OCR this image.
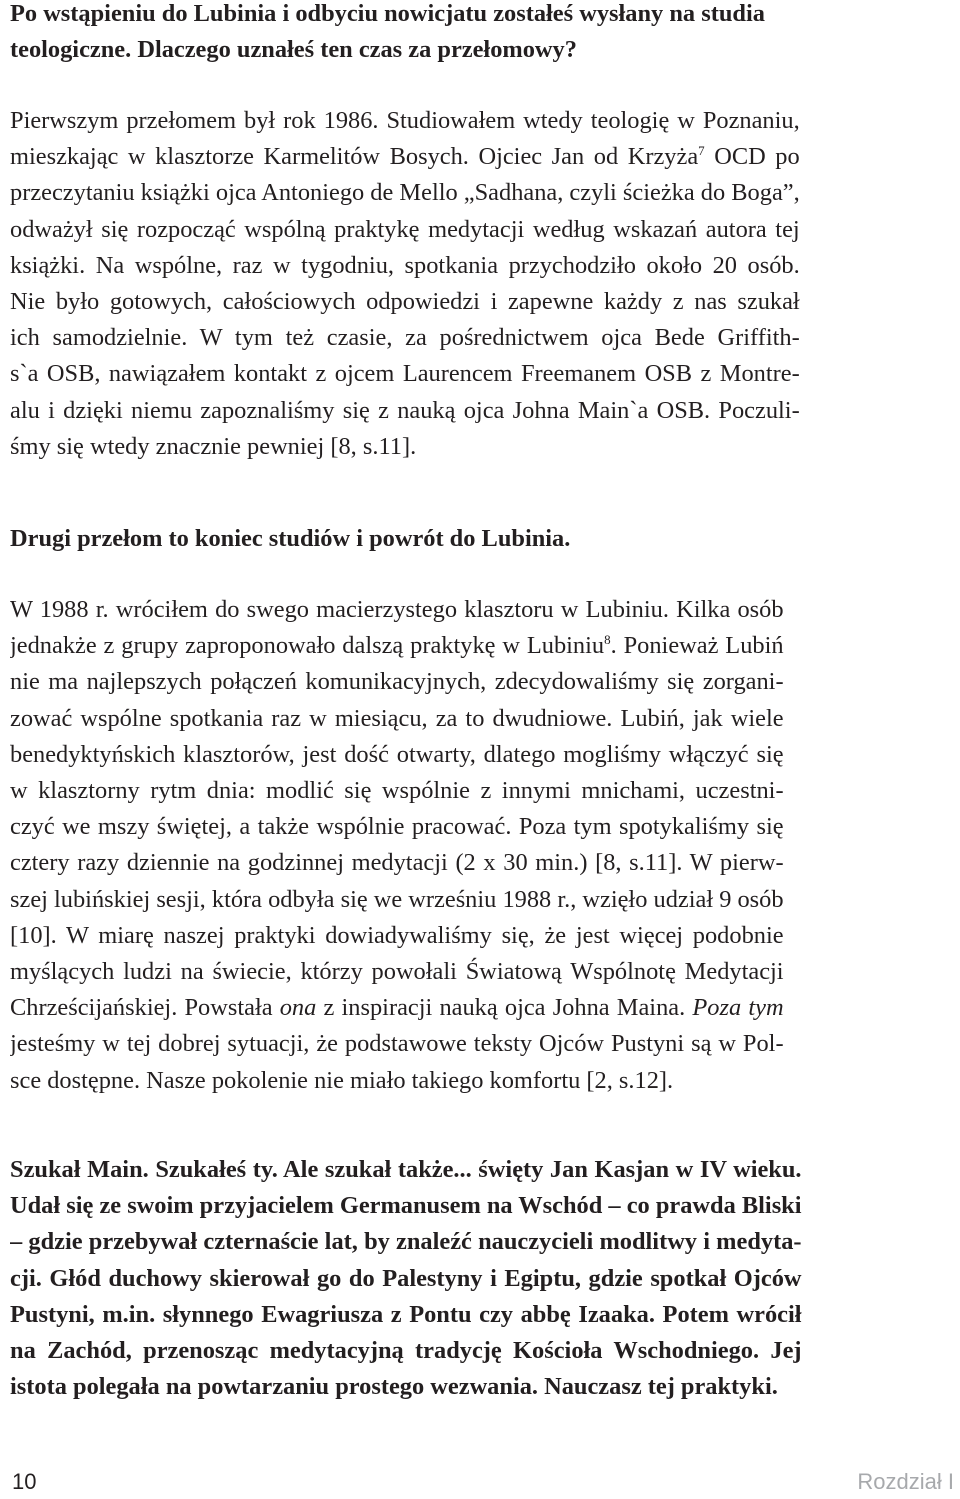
Po wstąpieniu do Lubinia i odbyciu nowicjatu zostałeś wysłany na studia
teologiczne. Dlaczego uznałeś ten czas za przełomowy?
Pierwszym przełomem był rok 1986. Studiowałem wtedy teologię w Poznaniu,
mieszkając w klasztorze Karmelitów Bosych. Ojciec Jan od Krzyża$^7$ OCD po
przeczytaniu książki ojca Antoniego de Mello „Sadhana, czyli ścieżka do Boga”,
odważył się rozpocząć wspólną praktykę medytacji według wskazań autora tej
książki. Na wspólne, raz w tygodniu, spotkania przychodziło około 20 osób.
Nie było gotowych, całościowych odpowiedzi i zapewne każdy z nas szukał
ich samodzielnie. W tym też czasie, za pośrednictwem ojca Bede Griffith-
s`a OSB, nawiązałem kontakt z ojcem Laurencem Freemanem OSB z Montre-
alu i dzięki niemu zapoznaliśmy się z nauką ojca Johna Main`a OSB. Poczuli-
śmy się wtedy znacznie pewniej [8, s.11].
Drugi przełom to koniec studiów i powrót do Lubinia.
W 1988 r. wróciłem do swego macierzystego klasztoru w Lubiniu. Kilka osób
jednakże z grupy zaproponowało dalszą praktykę w Lubiniu$^8$. Ponieważ Lubiń
nie ma najlepszych połączeń komunikacyjnych, zdecydowaliśmy się zorgani-
zować wspólne spotkania raz w miesiącu, za to dwudniowe. Lubiń, jak wiele
benedyktyńskich klasztorów, jest dość otwarty, dlatego mogliśmy włączyć się
w klasztorny rytm dnia: modlić się wspólnie z innymi mnichami, uczestni-
czyć we mszy świętej, a także wspólnie pracować. Poza tym spotykaliśmy się
cztery razy dziennie na godzinnej medytacji (2 x 30 min.) [8, s.11]. W pierw-
szej lubińskiej sesji, która odbyła się we wrześniu 1988 r., wzięło udział 9 osób
[10]. W miarę naszej praktyki dowiadywaliśmy się, że jest więcej podobnie
myślących ludzi na świecie, którzy powołali Światową Wspólnotę Medytacji
Chrześcijańskiej. Powstała ona z inspiracji nauką ojca Johna Maina. Poza tym
jesteśmy w tej dobrej sytuacji, że podstawowe teksty Ojców Pustyni są w Pol-
sce dostępne. Nasze pokolenie nie miało takiego komfortu [2, s.12].
Szukał Main. Szukałeś ty. Ale szukał także... święty Jan Kasjan w IV wieku.
Udał się ze swoim przyjacielem Germanusem na Wschód – co prawda Bliski
– gdzie przebywał czternaście lat, by znaleźć nauczycieli modlitwy i medyta-
cji. Głód duchowy skierował go do Palestyny i Egiptu, gdzie spotkał Ojców
Pustyni, m.in. słynnego Ewagriusza z Pontu czy abbę Izaaka. Potem wrócił
na Zachód, przenosząc medytacyjną tradycję Kościoła Wschodniego. Jej
istota polegała na powtarzaniu prostego wezwania. Nauczasz tej praktyki.
10	Rozdział I
